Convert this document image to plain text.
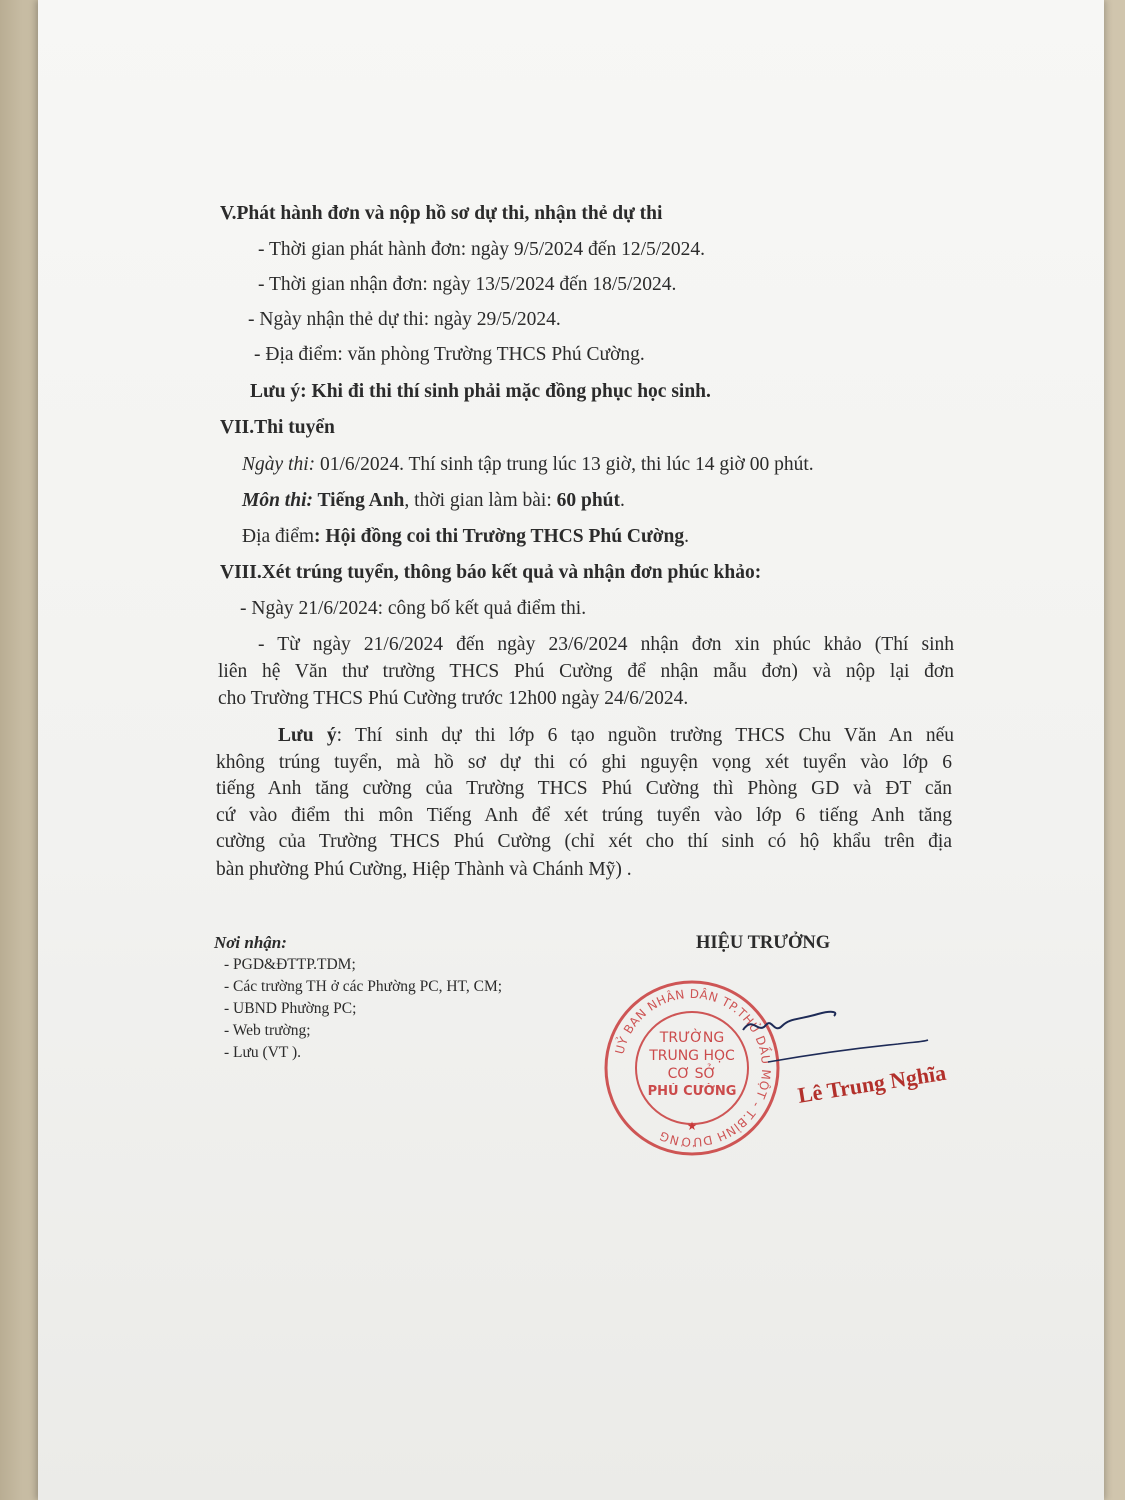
V.Phát hành đơn và nộp hồ sơ dự thi, nhận thẻ dự thi
- Thời gian phát hành đơn: ngày 9/5/2024 đến 12/5/2024.
- Thời gian nhận đơn: ngày 13/5/2024 đến 18/5/2024.
- Ngày nhận thẻ dự thi: ngày 29/5/2024.
- Địa điểm: văn phòng Trường THCS Phú Cường.
Lưu ý: Khi đi thi thí sinh phải mặc đồng phục học sinh.
VII.Thi tuyển
Ngày thi: 01/6/2024. Thí sinh tập trung lúc 13 giờ, thi lúc 14 giờ 00 phút.
Môn thi: Tiếng Anh, thời gian làm bài: 60 phút.
Địa điểm: Hội đồng coi thi Trường THCS Phú Cường.
VIII.Xét trúng tuyển, thông báo kết quả và nhận đơn phúc khảo:
- Ngày 21/6/2024: công bố kết quả điểm thi.
- Từ ngày 21/6/2024 đến ngày 23/6/2024 nhận đơn xin phúc khảo (Thí sinh
liên hệ Văn thư trường THCS Phú Cường để nhận mẫu đơn) và nộp lại đơn
cho Trường THCS Phú Cường trước 12h00 ngày 24/6/2024.
Lưu ý: Thí sinh dự thi lớp 6 tạo nguồn trường THCS Chu Văn An nếu
không trúng tuyển, mà hồ sơ dự thi có ghi nguyện vọng xét tuyển vào lớp 6
tiếng Anh tăng cường của Trường THCS Phú Cường thì Phòng GD và ĐT căn
cứ vào điểm thi môn Tiếng Anh để xét trúng tuyển vào lớp 6 tiếng Anh tăng
cường của Trường THCS Phú Cường (chỉ xét cho thí sinh có hộ khẩu trên địa
bàn phường Phú Cường, Hiệp Thành và Chánh Mỹ) .
Nơi nhận:
- PGD&ĐTTP.TDM;
- Các trường TH ở các Phường PC, HT, CM;
- UBND Phường PC;
- Web trường;
- Lưu (VT ).
HIỆU TRƯỞNG
UỶ BAN NHÂN DÂN TP.THỦ DẦU MỘT - T.BÌNH DƯƠNG
TRƯỜNG
TRUNG HỌC
CƠ SỞ
PHÚ CƯỜNG
★
Lê Trung Nghĩa
